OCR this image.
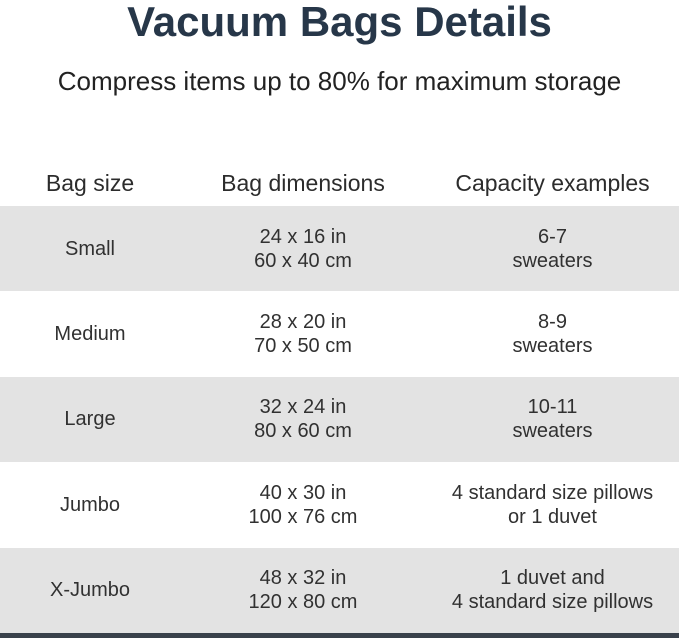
Vacuum Bags Details

Compress items up to 80% for maximum storage

Bag size	Bag dimensions	Capacity examples
Small
24 x 16 in
60 x 40 cm
6-7
sweaters
Medium
28 x 20 in
70 x 50 cm
8-9
sweaters
Large
32 x 24 in
80 x 60 cm
10-11
sweaters
Jumbo
40 x 30 in
100 x 76 cm
4 standard size pillows
or 1 duvet
X-Jumbo
48 x 32 in
120 x 80 cm
1 duvet and
4 standard size pillows
